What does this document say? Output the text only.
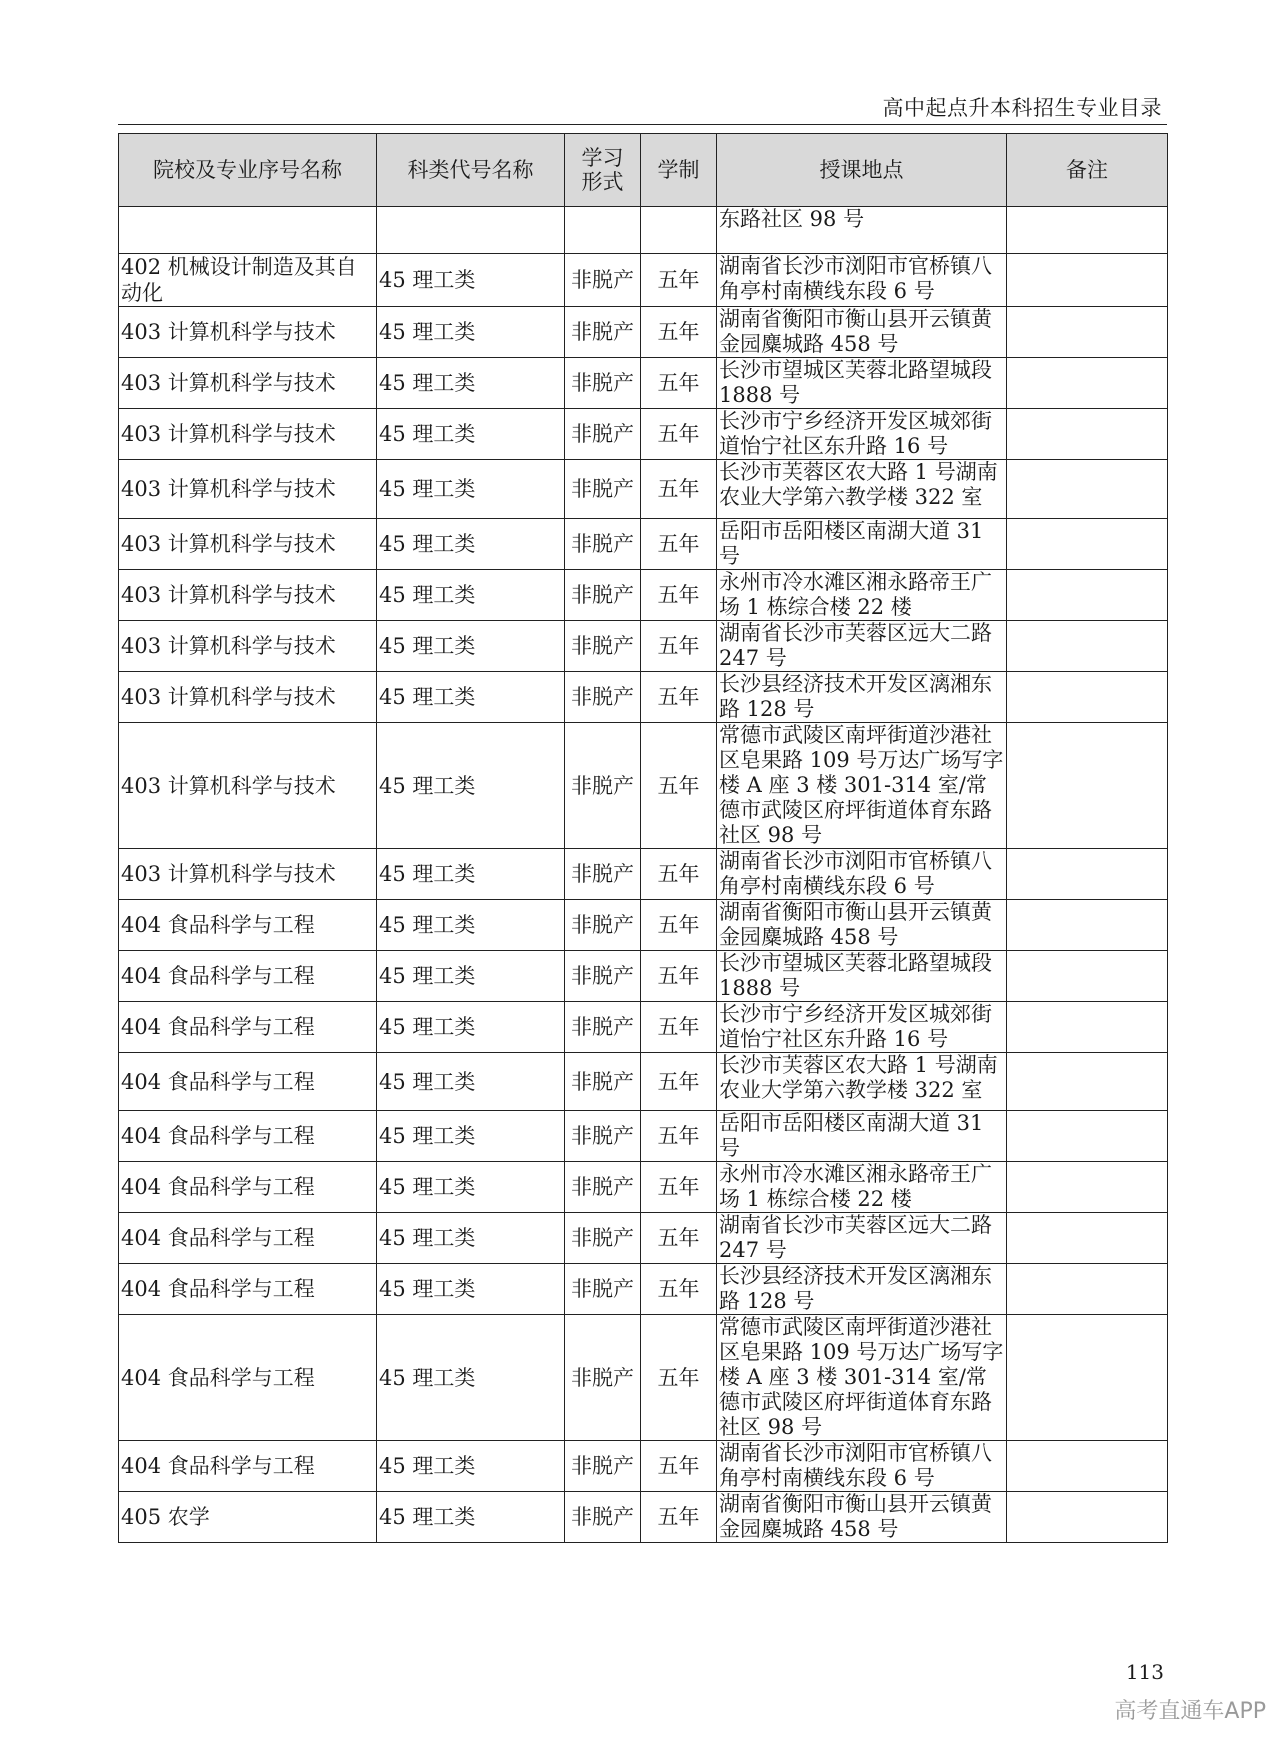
高中起点升本科招生专业目录
院校及专业序号名称	科类代号名称	学习
形式	学制	授课地点	备注
				东路社区 98 号	
402 机械设计制造及其自动化	45 理工类	非脱产	五年	湖南省长沙市浏阳市官桥镇八角亭村南横线东段 6 号	
403 计算机科学与技术	45 理工类	非脱产	五年	湖南省衡阳市衡山县开云镇黄金园麋城路 458 号	
403 计算机科学与技术	45 理工类	非脱产	五年	长沙市望城区芙蓉北路望城段 1888 号	
403 计算机科学与技术	45 理工类	非脱产	五年	长沙市宁乡经济开发区城郊街道怡宁社区东升路 16 号	
403 计算机科学与技术	45 理工类	非脱产	五年	长沙市芙蓉区农大路 1 号湖南农业大学第六教学楼 322 室	
403 计算机科学与技术	45 理工类	非脱产	五年	岳阳市岳阳楼区南湖大道 31 号	
403 计算机科学与技术	45 理工类	非脱产	五年	永州市冷水滩区湘永路帝王广场 1 栋综合楼 22 楼	
403 计算机科学与技术	45 理工类	非脱产	五年	湖南省长沙市芙蓉区远大二路 247 号	
403 计算机科学与技术	45 理工类	非脱产	五年	长沙县经济技术开发区漓湘东路 128 号	
403 计算机科学与技术	45 理工类	非脱产	五年	常德市武陵区南坪街道沙港社区皂果路 109 号万达广场写字楼 A 座 3 楼 301-314 室/常德市武陵区府坪街道体育东路社区 98 号	
403 计算机科学与技术	45 理工类	非脱产	五年	湖南省长沙市浏阳市官桥镇八角亭村南横线东段 6 号	
404 食品科学与工程	45 理工类	非脱产	五年	湖南省衡阳市衡山县开云镇黄金园麋城路 458 号	
404 食品科学与工程	45 理工类	非脱产	五年	长沙市望城区芙蓉北路望城段 1888 号	
404 食品科学与工程	45 理工类	非脱产	五年	长沙市宁乡经济开发区城郊街道怡宁社区东升路 16 号	
404 食品科学与工程	45 理工类	非脱产	五年	长沙市芙蓉区农大路 1 号湖南农业大学第六教学楼 322 室	
404 食品科学与工程	45 理工类	非脱产	五年	岳阳市岳阳楼区南湖大道 31 号	
404 食品科学与工程	45 理工类	非脱产	五年	永州市冷水滩区湘永路帝王广场 1 栋综合楼 22 楼	
404 食品科学与工程	45 理工类	非脱产	五年	湖南省长沙市芙蓉区远大二路 247 号	
404 食品科学与工程	45 理工类	非脱产	五年	长沙县经济技术开发区漓湘东路 128 号	
404 食品科学与工程	45 理工类	非脱产	五年	常德市武陵区南坪街道沙港社区皂果路 109 号万达广场写字楼 A 座 3 楼 301-314 室/常德市武陵区府坪街道体育东路社区 98 号	
404 食品科学与工程	45 理工类	非脱产	五年	湖南省长沙市浏阳市官桥镇八角亭村南横线东段 6 号	
405 农学	45 理工类	非脱产	五年	湖南省衡阳市衡山县开云镇黄金园麋城路 458 号	
113
高考直通车APP
